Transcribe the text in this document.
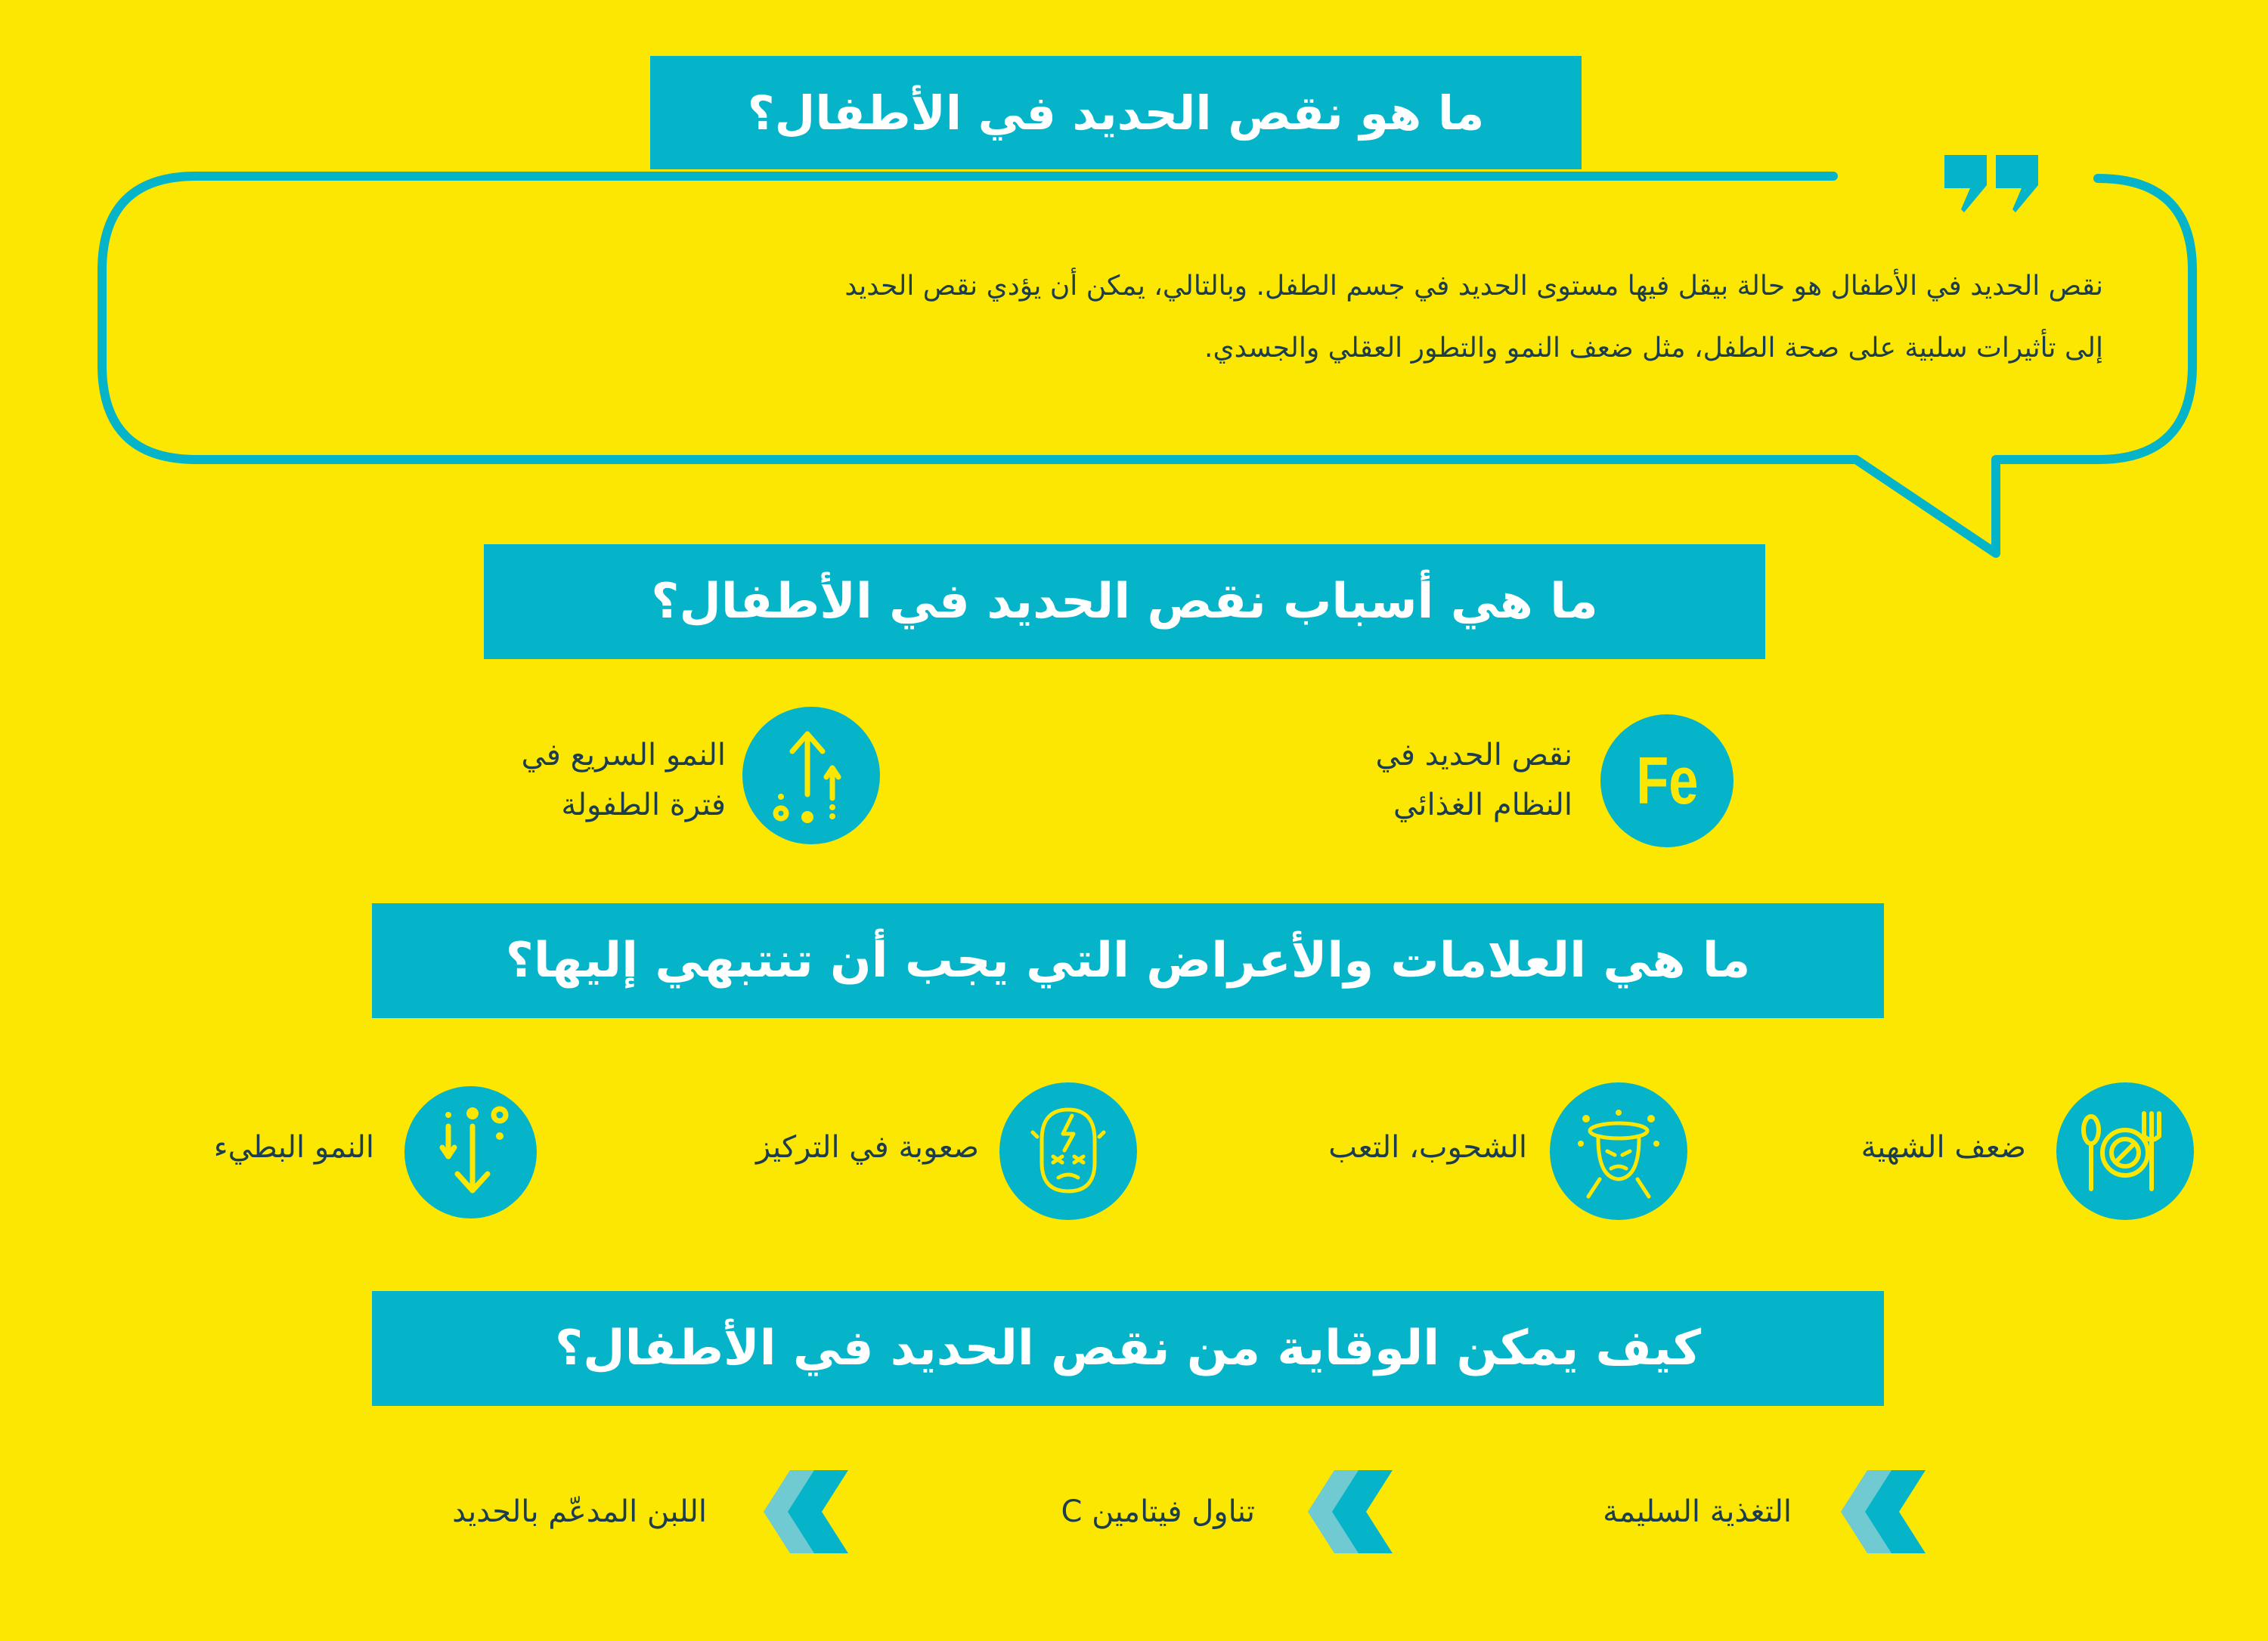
ما هو نقص الحديد في الأطفال؟
نقص الحديد في الأطفال هو حالة بيقل فيها مستوى الحديد في جسم الطفل. وبالتالي، يمكن أن يؤدي نقص الحديد
إلى تأثيرات سلبية على صحة الطفل، مثل ضعف النمو والتطور العقلي والجسدي.
ما هي أسباب نقص الحديد في الأطفال؟
Fe
نقص الحديد في
النظام الغذائي
النمو السريع في
فترة الطفولة
ما هي العلامات والأعراض التي يجب أن تنتبهي إليها؟
ضعف الشهية
الشحوب، التعب
صعوبة في التركيز
النمو البطيء
كيف يمكن الوقاية من نقص الحديد في الأطفال؟
التغذية السليمة
تناول فيتامين C
اللبن المدعّم بالحديد
